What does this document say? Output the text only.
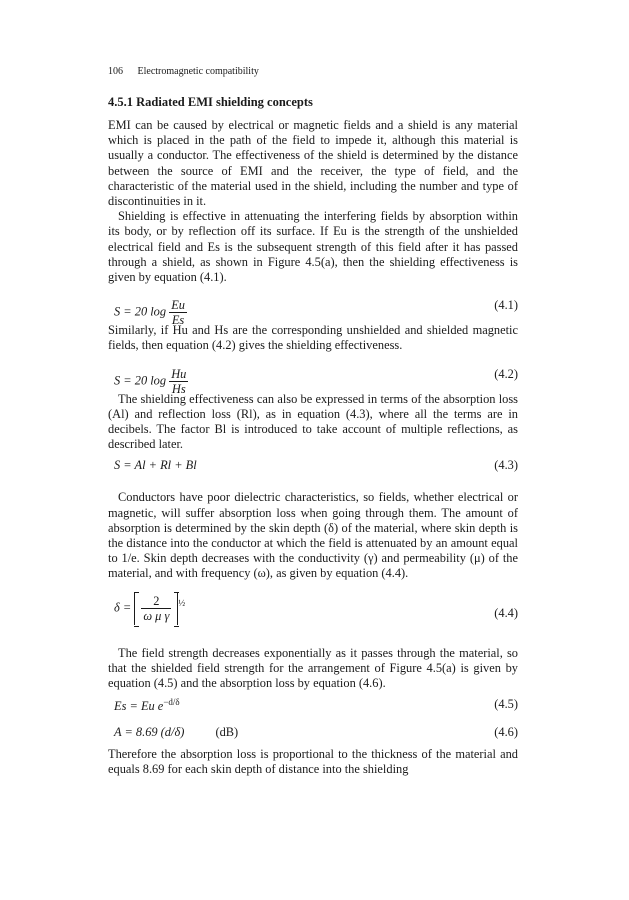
106 Electromagnetic compatibility
4.5.1 Radiated EMI shielding concepts

EMI can be caused by electrical or magnetic fields and a shield is any material which is placed in the path of the field to impede it, although this material is usually a conductor. The effectiveness of the shield is determined by the distance between the source of EMI and the receiver, the type of field, and the characteristic of the material used in the shield, including the number and type of discontinuities in it.

Shielding is effective in attenuating the interfering fields by absorption within its body, or by reflection off its surface. If Eu is the strength of the unshielded electrical field and Es is the subsequent strength of this field after it has passed through a shield, as shown in Figure 4.5(a), then the shielding effectiveness is given by equation (4.1).

S = 20 $\log \frac{Eu}{Es}$	(4.1)

Similarly, if Hu and Hs are the corresponding unshielded and shielded magnetic fields, then equation (4.2) gives the shielding effectiveness.

S = 20 $\log \frac{Hu}{Hs}$	(4.2)

The shielding effectiveness can also be expressed in terms of the absorption loss (Al) and reflection loss (Rl), as in equation (4.3), where all the terms are in decibels. The factor Bl is introduced to take account of multiple reflections, as described later.

S = Al + Rl + Bl	(4.3)

Conductors have poor dielectric characteristics, so fields, whether electrical or magnetic, will suffer absorption loss when going through them. The amount of absorption is determined by the skin depth (δ) of the material, where skin depth is the distance into the conductor at which the field is attenuated by an amount equal to 1/e. Skin depth decreases with the conductivity (γ) and permeability (μ) of the material, and with frequency (ω), as given by equation (4.4).

$\delta = \frac{2}{\text{ω μ γ}} ^{\frac{1}{2}}$
(4.4)

The field strength decreases exponentially as it passes through the material, so that the shielded field strength for the arrangement of Figure 4.5(a) is given by equation (4.5) and the absorption loss by equation (4.6).

Es = Eu $e^{-d/\delta}$	(4.5)
A = 8.69 (d/δ)	(dB)	(4.6)

Therefore the absorption loss is proportional to the thickness of the material and equals 8.69 for each skin depth of distance into the shielding
